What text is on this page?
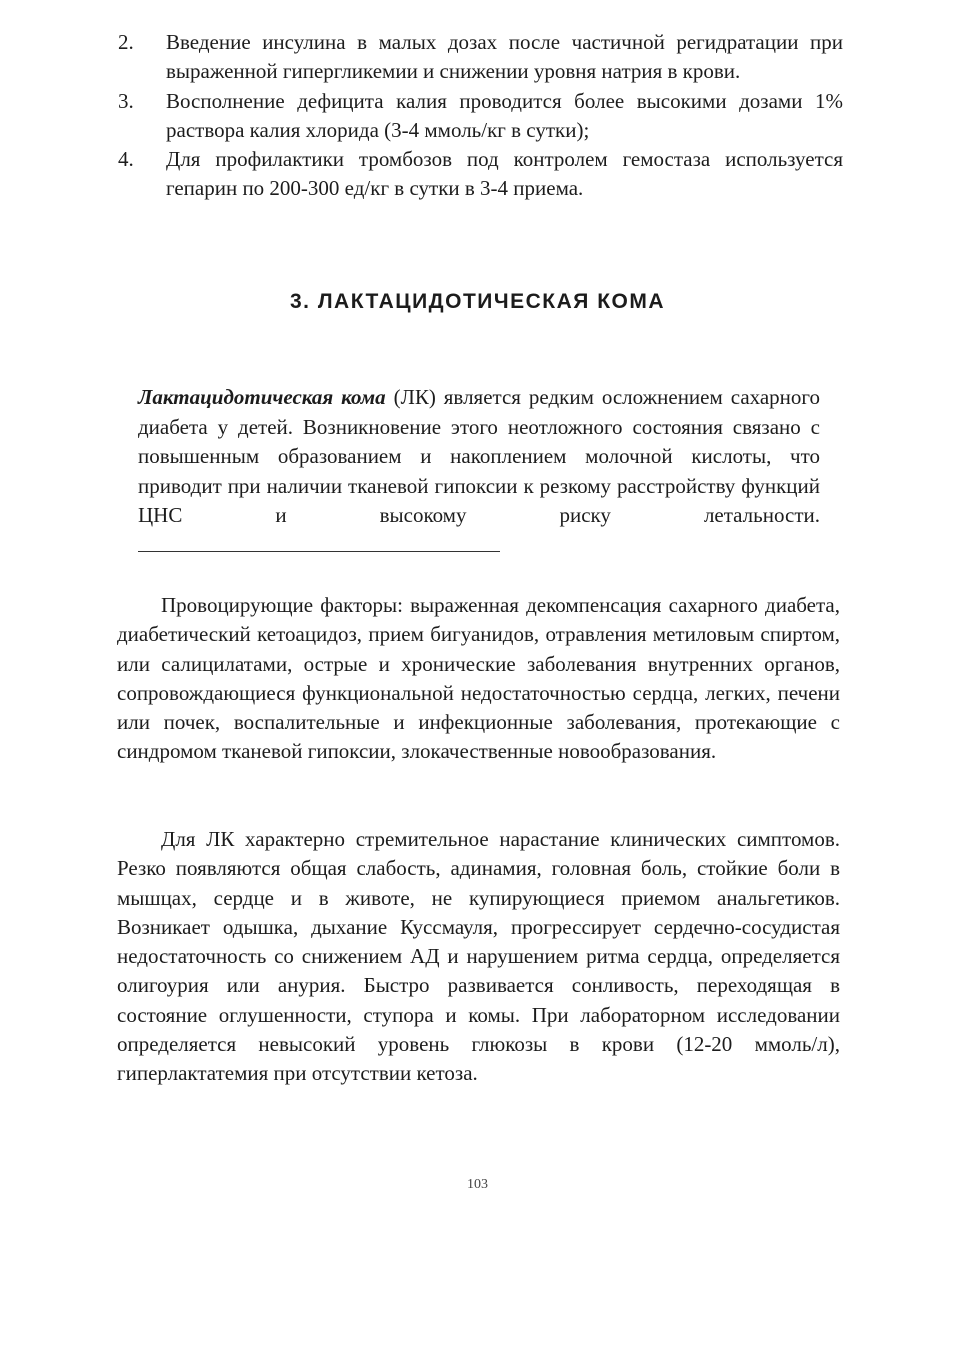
2.	Введение инсулина в малых дозах после частичной регидратации при выраженной гипергликемии и снижении уровня натрия в крови.
3.	Восполнение дефицита калия проводится более высокими дозами 1% раствора калия хлорида (3-4 ммоль/кг в сутки);
4.	Для профилактики тромбозов под контролем гемостаза используется гепарин по 200-300 ед/кг в сутки в 3-4 приема.
3. ЛАКТАЦИДОТИЧЕСКАЯ КОМА

Лактацидотическая кома (ЛК) является редким осложнением сахарного диабета у детей. Возникновение этого неотложного состояния связано с повышенным образованием и накоплением молочной кислоты, что приводит при наличии тканевой гипоксии к резкому расстройству функций ЦНС и высокому риску летальности.

Провоцирующие факторы: выраженная декомпенсация сахарного диабета, диабетический кетоацидоз, прием бигуанидов, отравления метиловым спиртом, или салицилатами, острые и хронические заболевания внутренних органов, сопровождающиеся функциональной недостаточностью сердца, легких, печени или почек, воспалительные и инфекционные заболевания, протекающие с синдромом тканевой гипоксии, злокачественные новообразования.

Для ЛК характерно стремительное нарастание клинических симптомов. Резко появляются общая слабость, адинамия, головная боль, стойкие боли в мышцах, сердце и в животе, не купирующиеся приемом анальгетиков. Возникает одышка, дыхание Куссмауля, прогрессирует сердечно-сосудистая недостаточность со снижением АД и нарушением ритма сердца, определяется олигоурия или анурия. Быстро развивается сонливость, переходящая в состояние оглушенности, ступора и комы. При лабораторном исследовании определяется невысокий уровень глюкозы в крови (12-20 ммоль/л), гиперлактатемия при отсутствии кетоза.

103
